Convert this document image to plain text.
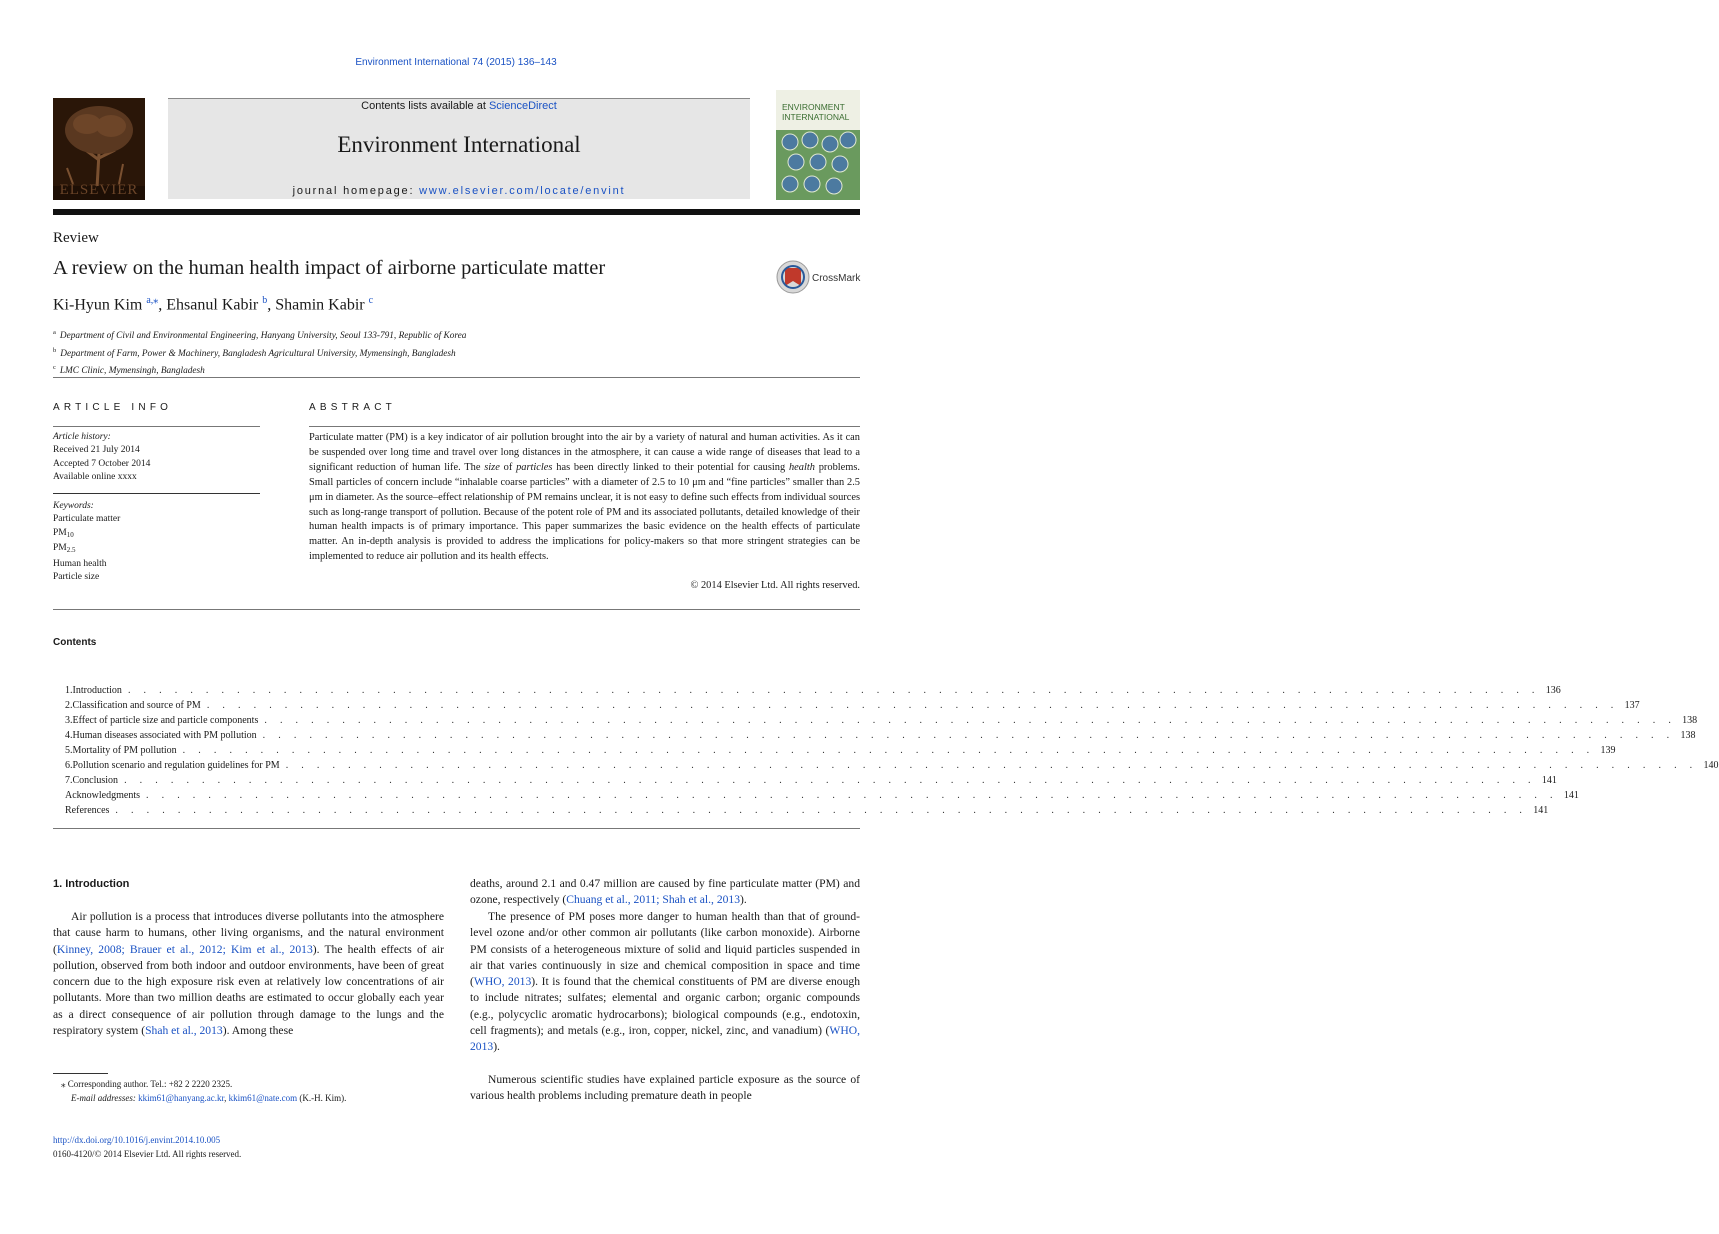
Environment International 74 (2015) 136–143
ELSEVIER
Contents lists available at ScienceDirect
Environment International
journal homepage: www.elsevier.com/locate/envint
ENVIRONMENT
INTERNATIONAL
Review
A review on the human health impact of airborne particulate matter	CrossMark
Ki-Hyun Kim $^{a,⁎}$, Ehsanul Kabir $^b$, Shamin Kabir $^c$
$^a$ Department of Civil and Environmental Engineering, Hanyang University, Seoul 133-791, Republic of Korea
$^b$ Department of Farm, Power & Machinery, Bangladesh Agricultural University, Mymensingh, Bangladesh
$^c$ LMC Clinic, Mymensingh, Bangladesh
ARTICLE INFO
Article history:
Received 21 July 2014
Accepted 7 October 2014
Available online xxxx
Keywords:
Particulate matter
$PM_{10}$
$PM_{2.5}$
Human health
Particle size
ABSTRACT
Particulate matter (PM) is a key indicator of air pollution brought into the air by a variety of natural and human activities. As it can be suspended over long time and travel over long distances in the atmosphere, it can cause a wide range of diseases that lead to a significant reduction of human life. The size of particles has been directly linked to their potential for causing health problems. Small particles of concern include “inhalable coarse particles” with a diameter of 2.5 to 10 μm and “fine particles” smaller than 2.5 μm in diameter. As the source–effect relationship of PM remains unclear, it is not easy to define such effects from individual sources such as long-range transport of pollution. Because of the potent role of PM and its associated pollutants, detailed knowledge of their human health impacts is of primary importance. This paper summarizes the basic evidence on the health effects of particulate matter. An in-depth analysis is provided to address the implications for policy-makers so that more stringent strategies can be implemented to reduce air pollution and its health effects.
© 2014 Elsevier Ltd. All rights reserved.
Contents
1. Introduction . . . . . . . . . . . . . . . . . . . . . . . . . . . . . . . . . . . . . . . . . . . . . . . . . . . . . . . . . . . . . . . . . . . . . . . . . . . . . . . . . . . . . . . . . . . 136
2. Classification and source of PM . . . . . . . . . . . . . . . . . . . . . . . . . . . . . . . . . . . . . . . . . . . . . . . . . . . . . . . . . . . . . . . . . . . . . . . . . . . . . . . . . . . . . . . . . . . 137
3. Effect of particle size and particle components . . . . . . . . . . . . . . . . . . . . . . . . . . . . . . . . . . . . . . . . . . . . . . . . . . . . . . . . . . . . . . . . . . . . . . . . . . . . . . . . . . . . . . . . . . . 138
4. Human diseases associated with PM pollution . . . . . . . . . . . . . . . . . . . . . . . . . . . . . . . . . . . . . . . . . . . . . . . . . . . . . . . . . . . . . . . . . . . . . . . . . . . . . . . . . . . . . . . . . . . 138
5. Mortality of PM pollution . . . . . . . . . . . . . . . . . . . . . . . . . . . . . . . . . . . . . . . . . . . . . . . . . . . . . . . . . . . . . . . . . . . . . . . . . . . . . . . . . . . . . . . . . . . 139
6. Pollution scenario and regulation guidelines for PM . . . . . . . . . . . . . . . . . . . . . . . . . . . . . . . . . . . . . . . . . . . . . . . . . . . . . . . . . . . . . . . . . . . . . . . . . . . . . . . . . . . . . . . . . . . 140
7. Conclusion . . . . . . . . . . . . . . . . . . . . . . . . . . . . . . . . . . . . . . . . . . . . . . . . . . . . . . . . . . . . . . . . . . . . . . . . . . . . . . . . . . . . . . . . . . . 141
Acknowledgments . . . . . . . . . . . . . . . . . . . . . . . . . . . . . . . . . . . . . . . . . . . . . . . . . . . . . . . . . . . . . . . . . . . . . . . . . . . . . . . . . . . . . . . . . . . 141
References . . . . . . . . . . . . . . . . . . . . . . . . . . . . . . . . . . . . . . . . . . . . . . . . . . . . . . . . . . . . . . . . . . . . . . . . . . . . . . . . . . . . . . . . . . . 141
1. Introduction
Air pollution is a process that introduces diverse pollutants into the atmosphere that cause harm to humans, other living organisms, and the natural environment (Kinney, 2008; Brauer et al., 2012; Kim et al., 2013). The health effects of air pollution, observed from both indoor and outdoor environments, have been of great concern due to the high exposure risk even at relatively low concentrations of air pollutants. More than two million deaths are estimated to occur globally each year as a direct consequence of air pollution through damage to the lungs and the respiratory system (Shah et al., 2013). Among these
deaths, around 2.1 and 0.47 million are caused by fine particulate matter (PM) and ozone, respectively (Chuang et al., 2011; Shah et al., 2013).
The presence of PM poses more danger to human health than that of ground-level ozone and/or other common air pollutants (like carbon monoxide). Airborne PM consists of a heterogeneous mixture of solid and liquid particles suspended in air that varies continuously in size and chemical composition in space and time (WHO, 2013). It is found that the chemical constituents of PM are diverse enough to include nitrates; sulfates; elemental and organic carbon; organic compounds (e.g., polycyclic aromatic hydrocarbons); biological compounds (e.g., endotoxin, cell fragments); and metals (e.g., iron, copper, nickel, zinc, and vanadium) (WHO, 2013).
Numerous scientific studies have explained particle exposure as the source of various health problems including premature death in people
⁎ Corresponding author. Tel.: +82 2 2220 2325.
E-mail addresses: kkim61@hanyang.ac.kr, kkim61@nate.com (K.-H. Kim).
http://dx.doi.org/10.1016/j.envint.2014.10.005
0160-4120/© 2014 Elsevier Ltd. All rights reserved.
